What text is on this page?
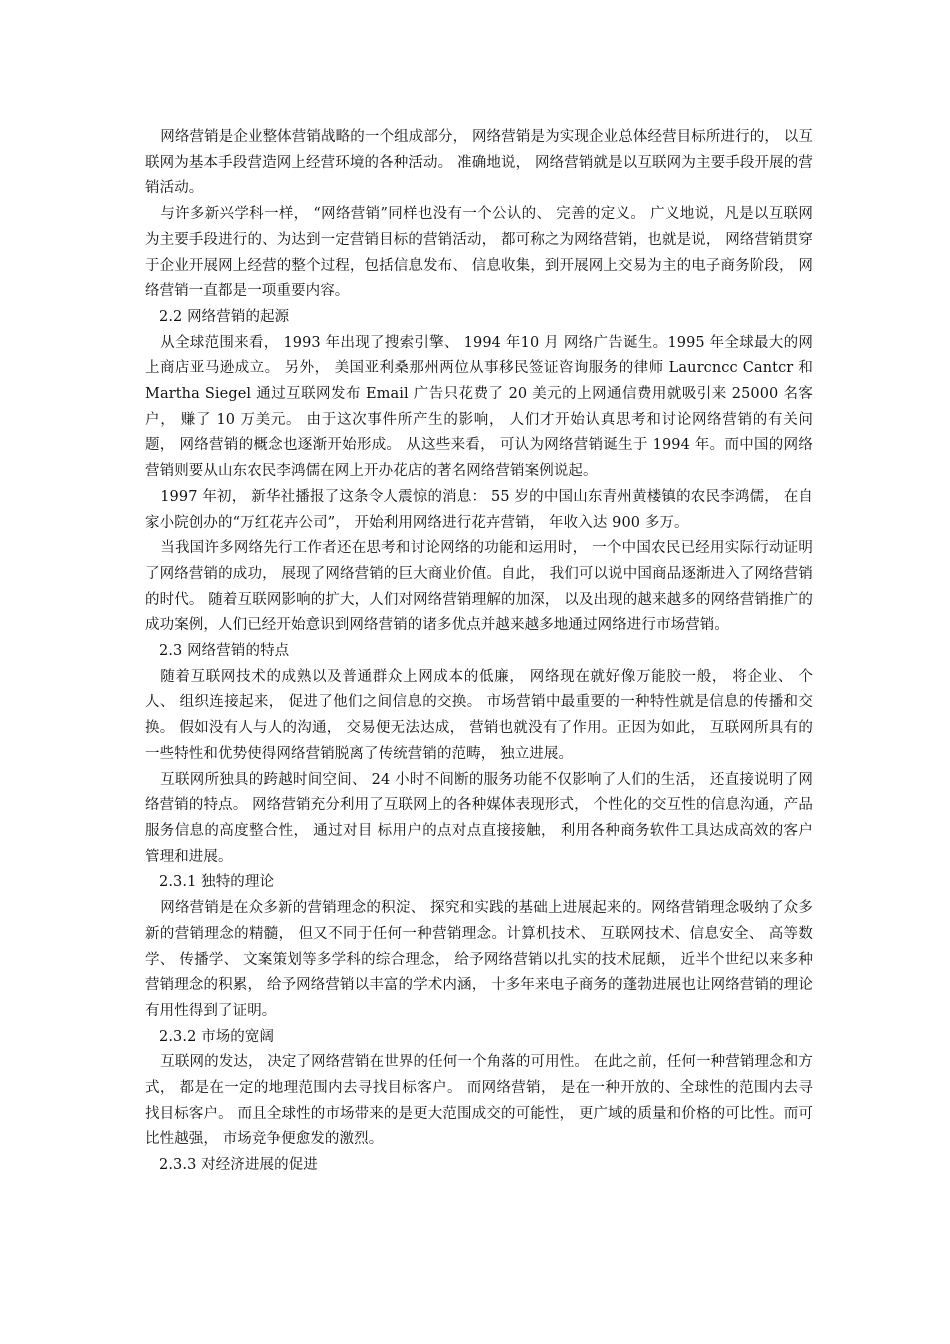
网络营销是企业整体营销战略的一个组成部分， 网络营销是为实现企业总体经营目标所进行的， 以互联网为基本手段营造网上经营环境的各种活动。 准确地说， 网络营销就是以互联网为主要手段开展的营销活动。

与许多新兴学科一样， “网络营销”同样也没有一个公认的、 完善的定义。 广义地说，凡是以互联网为主要手段进行的、为达到一定营销目标的营销活动， 都可称之为网络营销，也就是说， 网络营销贯穿于企业开展网上经营的整个过程，包括信息发布、 信息收集，到开展网上交易为主的电子商务阶段， 网络营销一直都是一项重要内容。

2.2 网络营销的起源

从全球范围来看， 1993 年出现了搜索引擎、 1994 年10 月 网络广告诞生。1995 年全球最大的网上商店亚马逊成立。 另外， 美国亚利桑那州两位从事移民签证咨询服务的律师 Laurcncc Cantcr 和 Martha Siegel 通过互联网发布 Email 广告只花费了 20 美元的上网通信费用就吸引来 25000 名客户， 赚了 10 万美元。 由于这次事件所产生的影响， 人们才开始认真思考和讨论网络营销的有关问题， 网络营销的概念也逐渐开始形成。 从这些来看， 可认为网络营销诞生于 1994 年。而中国的网络营销则要从山东农民李鸿儒在网上开办花店的著名网络营销案例说起。

1997 年初， 新华社播报了这条令人震惊的消息： 55 岁的中国山东青州黄楼镇的农民李鸿儒， 在自家小院创办的“万红花卉公司”， 开始利用网络进行花卉营销， 年收入达 900 多万。

当我国许多网络先行工作者还在思考和讨论网络的功能和运用时， 一个中国农民已经用实际行动证明了网络营销的成功， 展现了网络营销的巨大商业价值。自此， 我们可以说中国商品逐渐进入了网络营销的时代。 随着互联网影响的扩大，人们对网络营销理解的加深， 以及出现的越来越多的网络营销推广的成功案例，人们已经开始意识到网络营销的诸多优点并越来越多地通过网络进行市场营销。

2.3 网络营销的特点

随着互联网技术的成熟以及普通群众上网成本的低廉， 网络现在就好像万能胶一般， 将企业、 个人、 组织连接起来， 促进了他们之间信息的交换。 市场营销中最重要的一种特性就是信息的传播和交换。 假如没有人与人的沟通， 交易便无法达成， 营销也就没有了作用。正因为如此， 互联网所具有的一些特性和优势使得网络营销脱离了传统营销的范畴， 独立进展。

互联网所独具的跨越时间空间、 24 小时不间断的服务功能不仅影响了人们的生活， 还直接说明了网络营销的特点。 网络营销充分利用了互联网上的各种媒体表现形式， 个性化的交互性的信息沟通，产品服务信息的高度整合性， 通过对目 标用户的点对点直接接触， 利用各种商务软件工具达成高效的客户管理和进展。

2.3.1 独特的理论

网络营销是在众多新的营销理念的积淀、 探究和实践的基础上进展起来的。网络营销理念吸纳了众多新的营销理念的精髓， 但又不同于任何一种营销理念。计算机技术、 互联网技术、信息安全、 高等数学、 传播学、 文案策划等多学科的综合理念， 给予网络营销以扎实的技术屁颠， 近半个世纪以来多种营销理念的积累， 给予网络营销以丰富的学术内涵， 十多年来电子商务的蓬勃进展也让网络营销的理论有用性得到了证明。

2.3.2 市场的宽阔

互联网的发达， 决定了网络营销在世界的任何一个角落的可用性。 在此之前，任何一种营销理念和方式， 都是在一定的地理范围内去寻找目标客户。 而网络营销， 是在一种开放的、全球性的范围内去寻找目标客户。 而且全球性的市场带来的是更大范围成交的可能性， 更广域的质量和价格的可比性。而可比性越强， 市场竞争便愈发的激烈。

2.3.3 对经济进展的促进
